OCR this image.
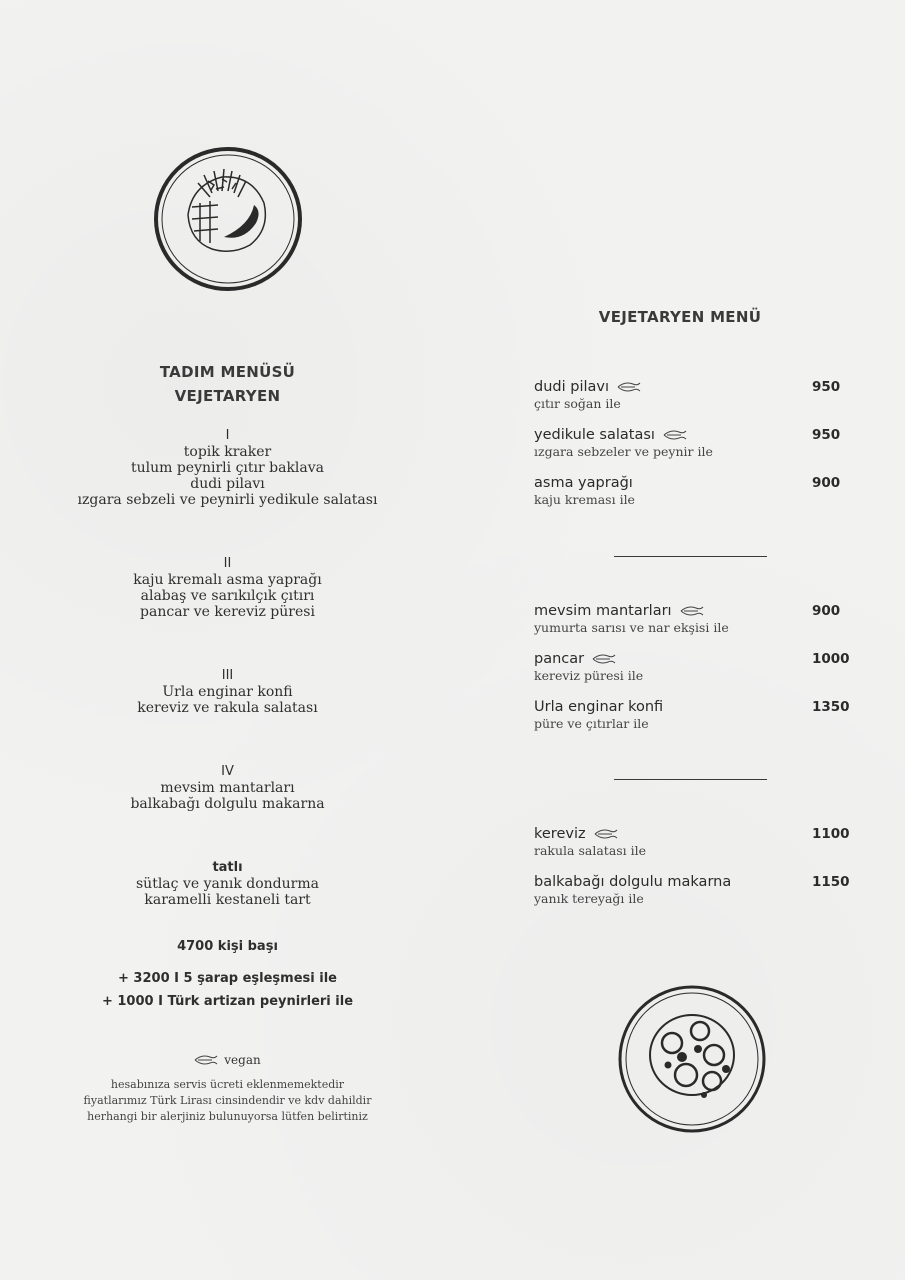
TADIM MENÜSÜ
VEJETARYEN
I
topik kraker
tulum peynirli çıtır baklava
dudi pilavı
ızgara sebzeli ve peynirli yedikule salatası
II
kaju kremalı asma yaprağı
alabaş ve sarıkılçık çıtırı
pancar ve kereviz püresi
III
Urla enginar konfi
kereviz ve rakula salatası
IV
mevsim mantarları
balkabağı dolgulu makarna
tatlı
sütlaç ve yanık dondurma
karamelli kestaneli tart
4700 kişi başı
+ 3200 I 5 şarap eşleşmesi ile
+ 1000 I Türk artizan peynirleri ile
vegan
hesabınıza servis ücreti eklenmemektedir
fiyatlarımız Türk Lirası cinsindendir ve kdv dahildir
herhangi bir alerjiniz bulunuyorsa lütfen belirtiniz
VEJETARYEN MENÜ
dudi pilavı	950
çıtır soğan ile
yedikule salatası	950
ızgara sebzeler ve peynir ile
asma yaprağı	900
kaju kreması ile
mevsim mantarları	900
yumurta sarısı ve nar ekşisi ile
pancar	1000
kereviz püresi ile
Urla enginar konfi	1350
püre ve çıtırlar ile
kereviz	1100
rakula salatası ile
balkabağı dolgulu makarna	1150
yanık tereyağı ile
